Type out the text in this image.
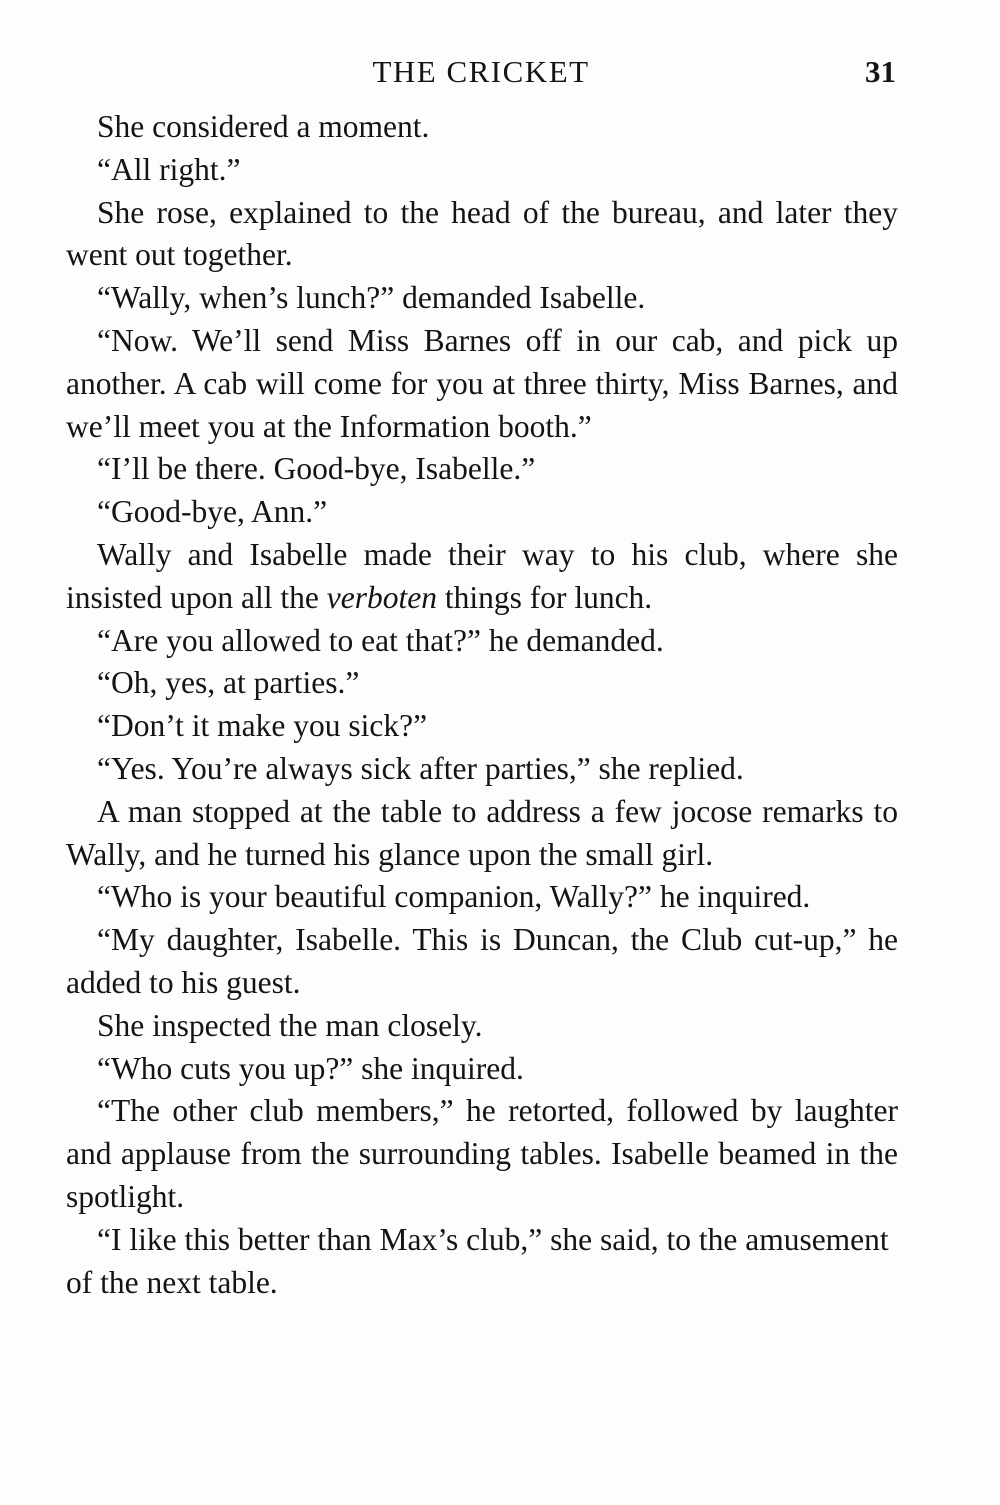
THE CRICKET	31

She considered a moment.

“All right.”

She rose, explained to the head of the bureau, and later they went out together.

“Wally, when’s lunch?” demanded Isabelle.

“Now. We’ll send Miss Barnes off in our cab, and pick up another. A cab will come for you at three thirty, Miss Barnes, and we’ll meet you at the Information booth.”

“I’ll be there. Good-bye, Isabelle.”

“Good-bye, Ann.”

Wally and Isabelle made their way to his club, where she insisted upon all the verboten things for lunch.

“Are you allowed to eat that?” he demanded.

“Oh, yes, at parties.”

“Don’t it make you sick?”

“Yes. You’re always sick after parties,” she replied.

A man stopped at the table to address a few jocose remarks to Wally, and he turned his glance upon the small girl.

“Who is your beautiful companion, Wally?” he inquired.

“My daughter, Isabelle. This is Duncan, the Club cut-up,” he added to his guest.

She inspected the man closely.

“Who cuts you up?” she inquired.

“The other club members,” he retorted, followed by laughter and applause from the surrounding tables. Isabelle beamed in the spotlight.

“I like this better than Max’s club,” she said, to the amusement of the next table.
